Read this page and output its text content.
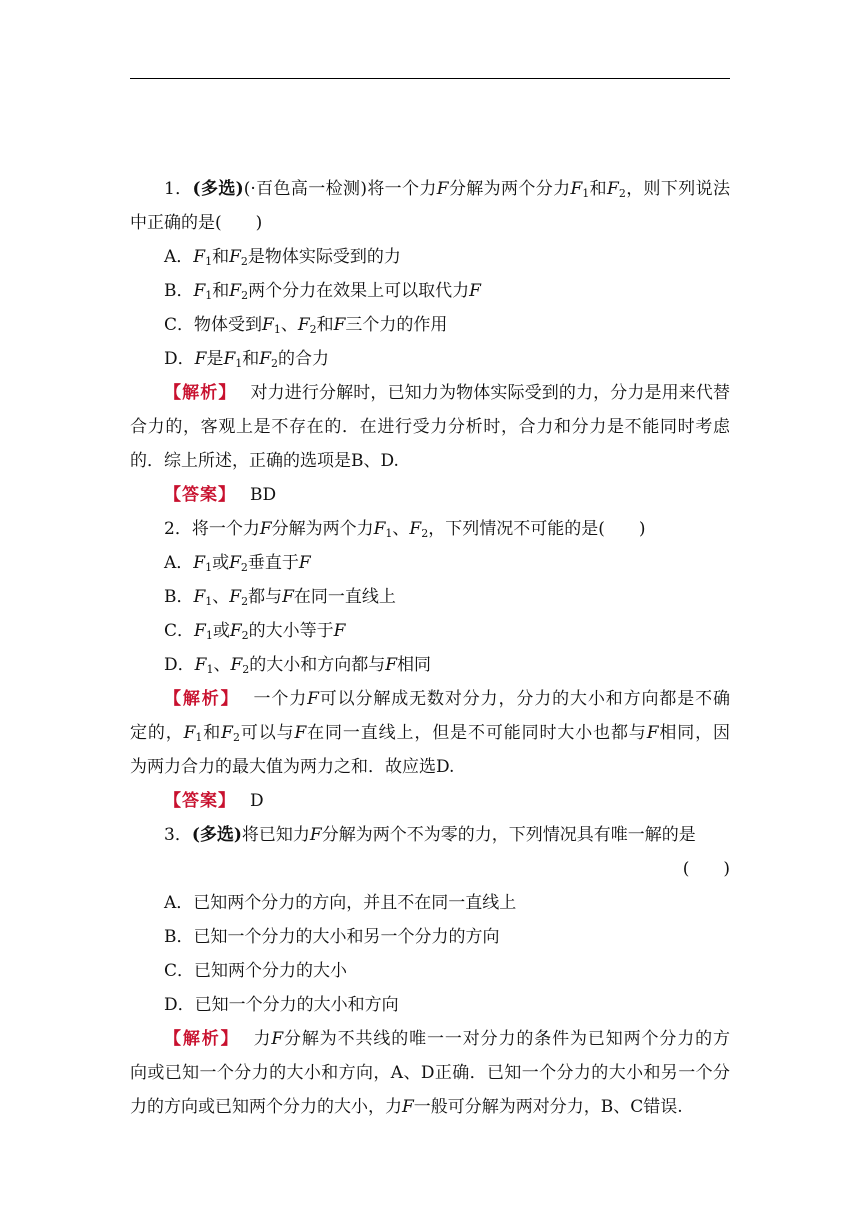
1．(多选)(·百色高一检测)将一个力F分解为两个分力$F_1$和$F_2$，则下列说法
中正确的是(　　)
A．$F_1$和$F_2$是物体实际受到的力
B．$F_1$和$F_2$两个分力在效果上可以取代力F
C．物体受到$F_1$、$F_2$和F三个力的作用
D．F是$F_1$和$F_2$的合力
【解析】 对力进行分解时，已知力为物体实际受到的力，分力是用来代替
合力的，客观上是不存在的．在进行受力分析时，合力和分力是不能同时考虑
的．综上所述，正确的选项是B、D.
【答案】 BD
2．将一个力F分解为两个力$F_1$、$F_2$，下列情况不可能的是(　　)
A．$F_1$或$F_2$垂直于F
B．$F_1$、$F_2$都与F在同一直线上
C．$F_1$或$F_2$的大小等于F
D．$F_1$、$F_2$的大小和方向都与F相同
【解析】 一个力F可以分解成无数对分力，分力的大小和方向都是不确
定的，$F_1$和$F_2$可以与F在同一直线上，但是不可能同时大小也都与F相同，因
为两力合力的最大值为两力之和．故应选D.
【答案】 D
3．(多选)将已知力F分解为两个不为零的力，下列情况具有唯一解的是
(　　)
A．已知两个分力的方向，并且不在同一直线上
B．已知一个分力的大小和另一个分力的方向
C．已知两个分力的大小
D．已知一个分力的大小和方向
【解析】 力F分解为不共线的唯一一对分力的条件为已知两个分力的方
向或已知一个分力的大小和方向，A、D正确．已知一个分力的大小和另一个分
力的方向或已知两个分力的大小，力F一般可分解为两对分力，B、C错误.
